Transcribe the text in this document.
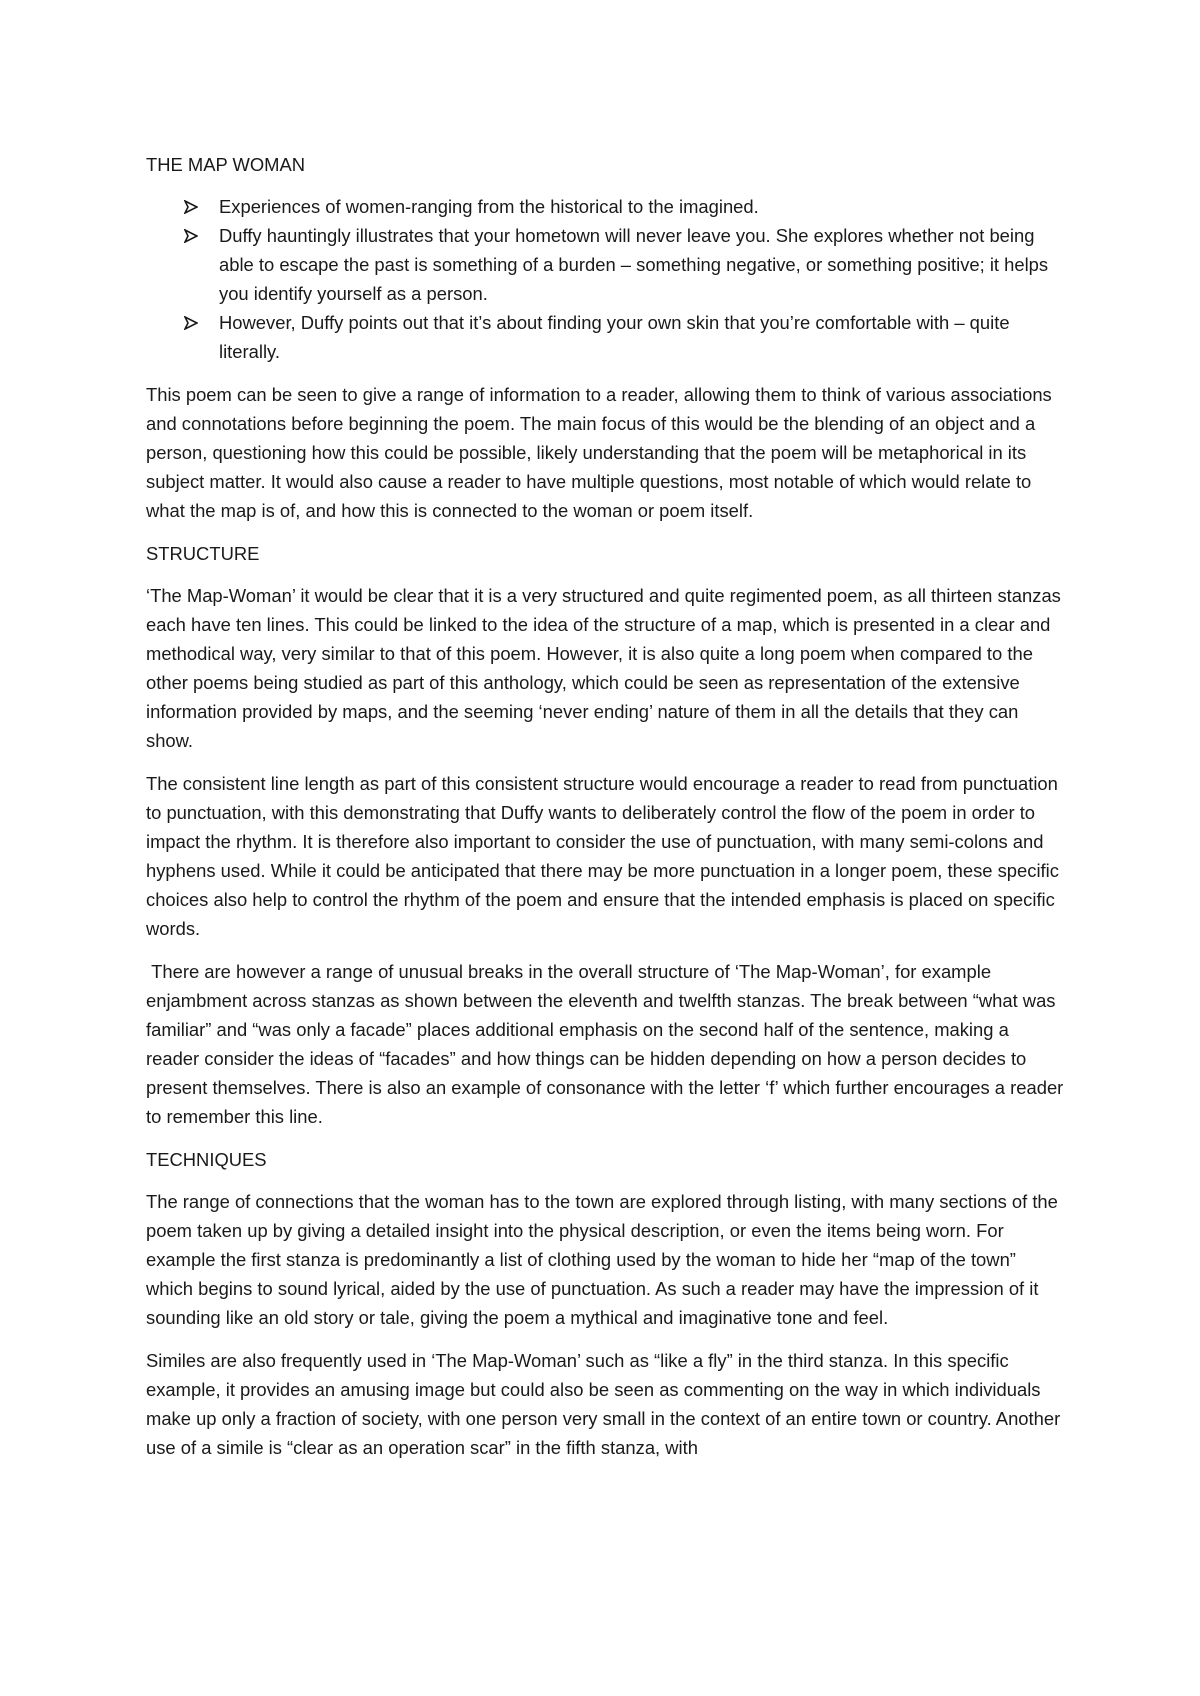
THE MAP WOMAN

Experiences of women-ranging from the historical to the imagined.
Duffy hauntingly illustrates that your hometown will never leave you. She explores whether not being able to escape the past is something of a burden – something negative, or something positive; it helps you identify yourself as a person.
However, Duffy points out that it’s about finding your own skin that you’re comfortable with – quite literally.

This poem can be seen to give a range of information to a reader, allowing them to think of various associations and connotations before beginning the poem. The main focus of this would be the blending of an object and a person, questioning how this could be possible, likely understanding that the poem will be metaphorical in its subject matter. It would also cause a reader to have multiple questions, most notable of which would relate to what the map is of, and how this is connected to the woman or poem itself.

STRUCTURE

‘The Map-Woman’ it would be clear that it is a very structured and quite regimented poem, as all thirteen stanzas each have ten lines. This could be linked to the idea of the structure of a map, which is presented in a clear and methodical way, very similar to that of this poem. However, it is also quite a long poem when compared to the other poems being studied as part of this anthology, which could be seen as representation of the extensive information provided by maps, and the seeming ‘never ending’ nature of them in all the details that they can show.

The consistent line length as part of this consistent structure would encourage a reader to read from punctuation to punctuation, with this demonstrating that Duffy wants to deliberately control the flow of the poem in order to impact the rhythm. It is therefore also important to consider the use of punctuation, with many semi-colons and hyphens used. While it could be anticipated that there may be more punctuation in a longer poem, these specific choices also help to control the rhythm of the poem and ensure that the intended emphasis is placed on specific words.

There are however a range of unusual breaks in the overall structure of ‘The Map-Woman’, for example enjambment across stanzas as shown between the eleventh and twelfth stanzas. The break between “what was familiar” and “was only a facade” places additional emphasis on the second half of the sentence, making a reader consider the ideas of “facades” and how things can be hidden depending on how a person decides to present themselves. There is also an example of consonance with the letter ‘f’ which further encourages a reader to remember this line.

TECHNIQUES

The range of connections that the woman has to the town are explored through listing, with many sections of the poem taken up by giving a detailed insight into the physical description, or even the items being worn. For example the first stanza is predominantly a list of clothing used by the woman to hide her “map of the town” which begins to sound lyrical, aided by the use of punctuation. As such a reader may have the impression of it sounding like an old story or tale, giving the poem a mythical and imaginative tone and feel.

Similes are also frequently used in ‘The Map-Woman’ such as “like a fly” in the third stanza. In this specific example, it provides an amusing image but could also be seen as commenting on the way in which individuals make up only a fraction of society, with one person very small in the context of an entire town or country. Another use of a simile is “clear as an operation scar” in the fifth stanza, with
